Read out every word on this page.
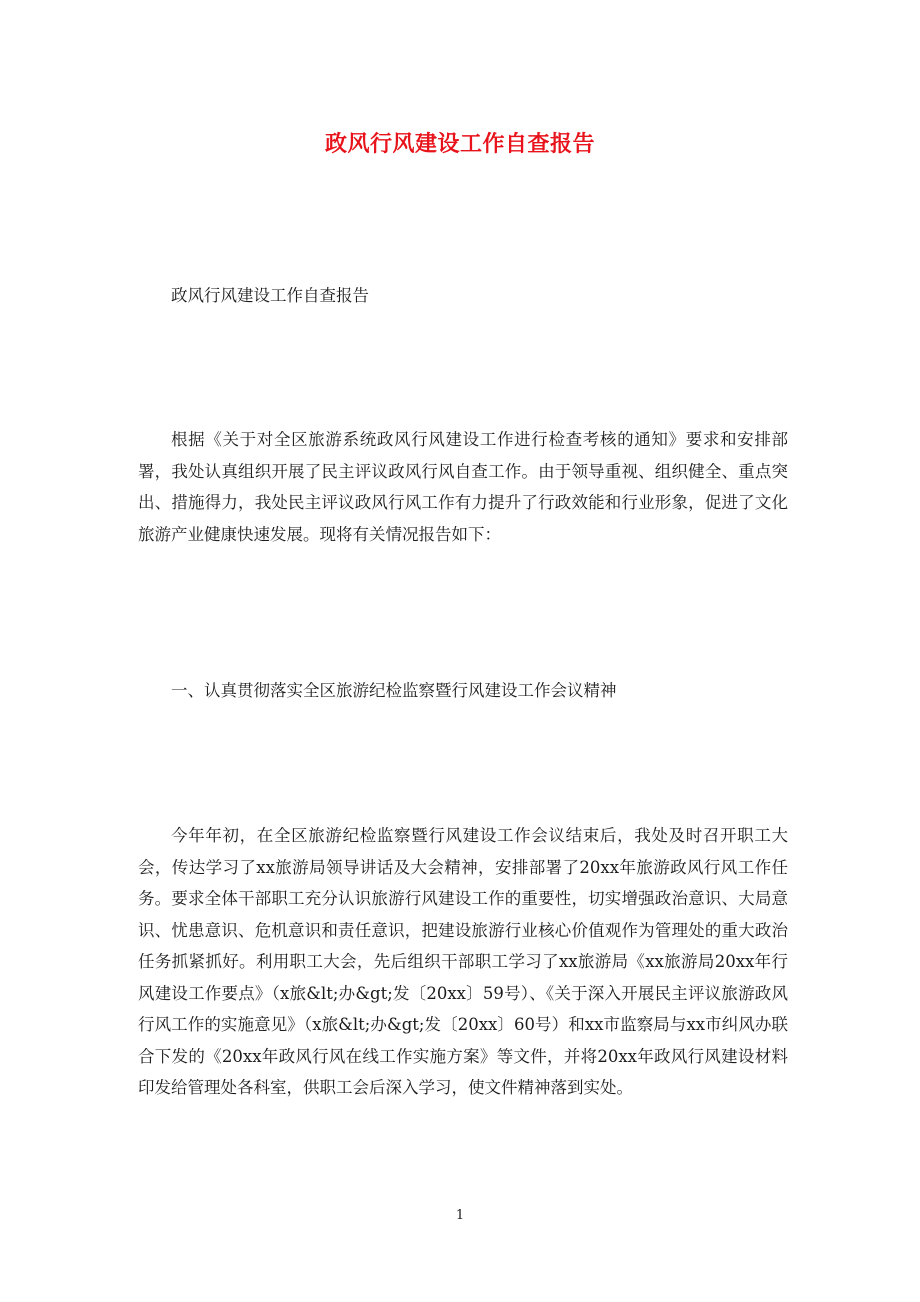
政风行风建设工作自查报告

政风行风建设工作自查报告

根据《关于对全区旅游系统政风行风建设工作进行检查考核的通知》要求和安排部署，我处认真组织开展了民主评议政风行风自查工作。由于领导重视、组织健全、重点突出、措施得力，我处民主评议政风行风工作有力提升了行政效能和行业形象，促进了文化旅游产业健康快速发展。现将有关情况报告如下：

一、认真贯彻落实全区旅游纪检监察暨行风建设工作会议精神

今年年初，在全区旅游纪检监察暨行风建设工作会议结束后，我处及时召开职工大会，传达学习了xx旅游局领导讲话及大会精神，安排部署了20xx年旅游政风行风工作任务。要求全体干部职工充分认识旅游行风建设工作的重要性，切实增强政治意识、大局意识、忧患意识、危机意识和责任意识，把建设旅游行业核心价值观作为管理处的重大政治任务抓紧抓好。利用职工大会，先后组织干部职工学习了xx旅游局《xx旅游局20xx年行风建设工作要点》（x旅&lt;办&gt;发〔20xx〕59号）、《关于深入开展民主评议旅游政风行风工作的实施意见》（x旅&lt;办&gt;发〔20xx〕60号）和xx市监察局与xx市纠风办联合下发的《20xx年政风行风在线工作实施方案》等文件，并将20xx年政风行风建设材料印发给管理处各科室，供职工会后深入学习，使文件精神落到实处。

1
